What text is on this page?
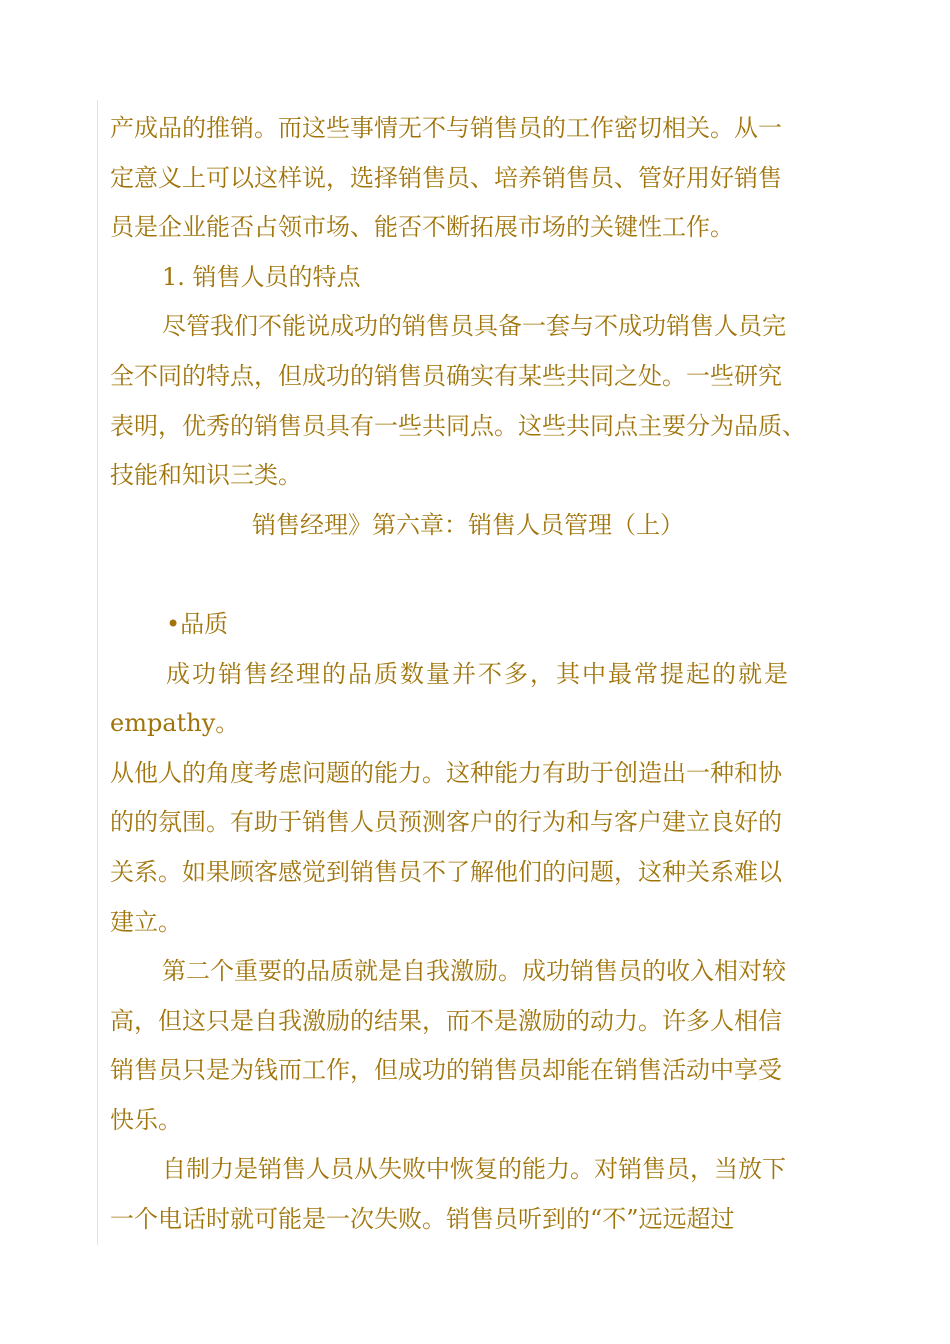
产成品的推销。而这些事情无不与销售员的工作密切相关。从一
定意义上可以这样说，选择销售员、培养销售员、管好用好销售
员是企业能否占领市场、能否不断拓展市场的关键性工作。
1. 销售人员的特点
尽管我们不能说成功的销售员具备一套与不成功销售人员完
全不同的特点，但成功的销售员确实有某些共同之处。一些研究
表明，优秀的销售员具有一些共同点。这些共同点主要分为品质、
技能和知识三类。
销售经理》第六章：销售人员管理（上）
•品质
成功销售经理的品质数量并不多，其中最常提起的就是
empathy。
从他人的角度考虑问题的能力。这种能力有助于创造出一种和协
的的氛围。有助于销售人员预测客户的行为和与客户建立良好的
关系。如果顾客感觉到销售员不了解他们的问题，这种关系难以
建立。
第二个重要的品质就是自我激励。成功销售员的收入相对较
高，但这只是自我激励的结果，而不是激励的动力。许多人相信
销售员只是为钱而工作，但成功的销售员却能在销售活动中享受
快乐。
自制力是销售人员从失败中恢复的能力。对销售员，当放下
一个电话时就可能是一次失败。销售员听到的“不”远远超过
